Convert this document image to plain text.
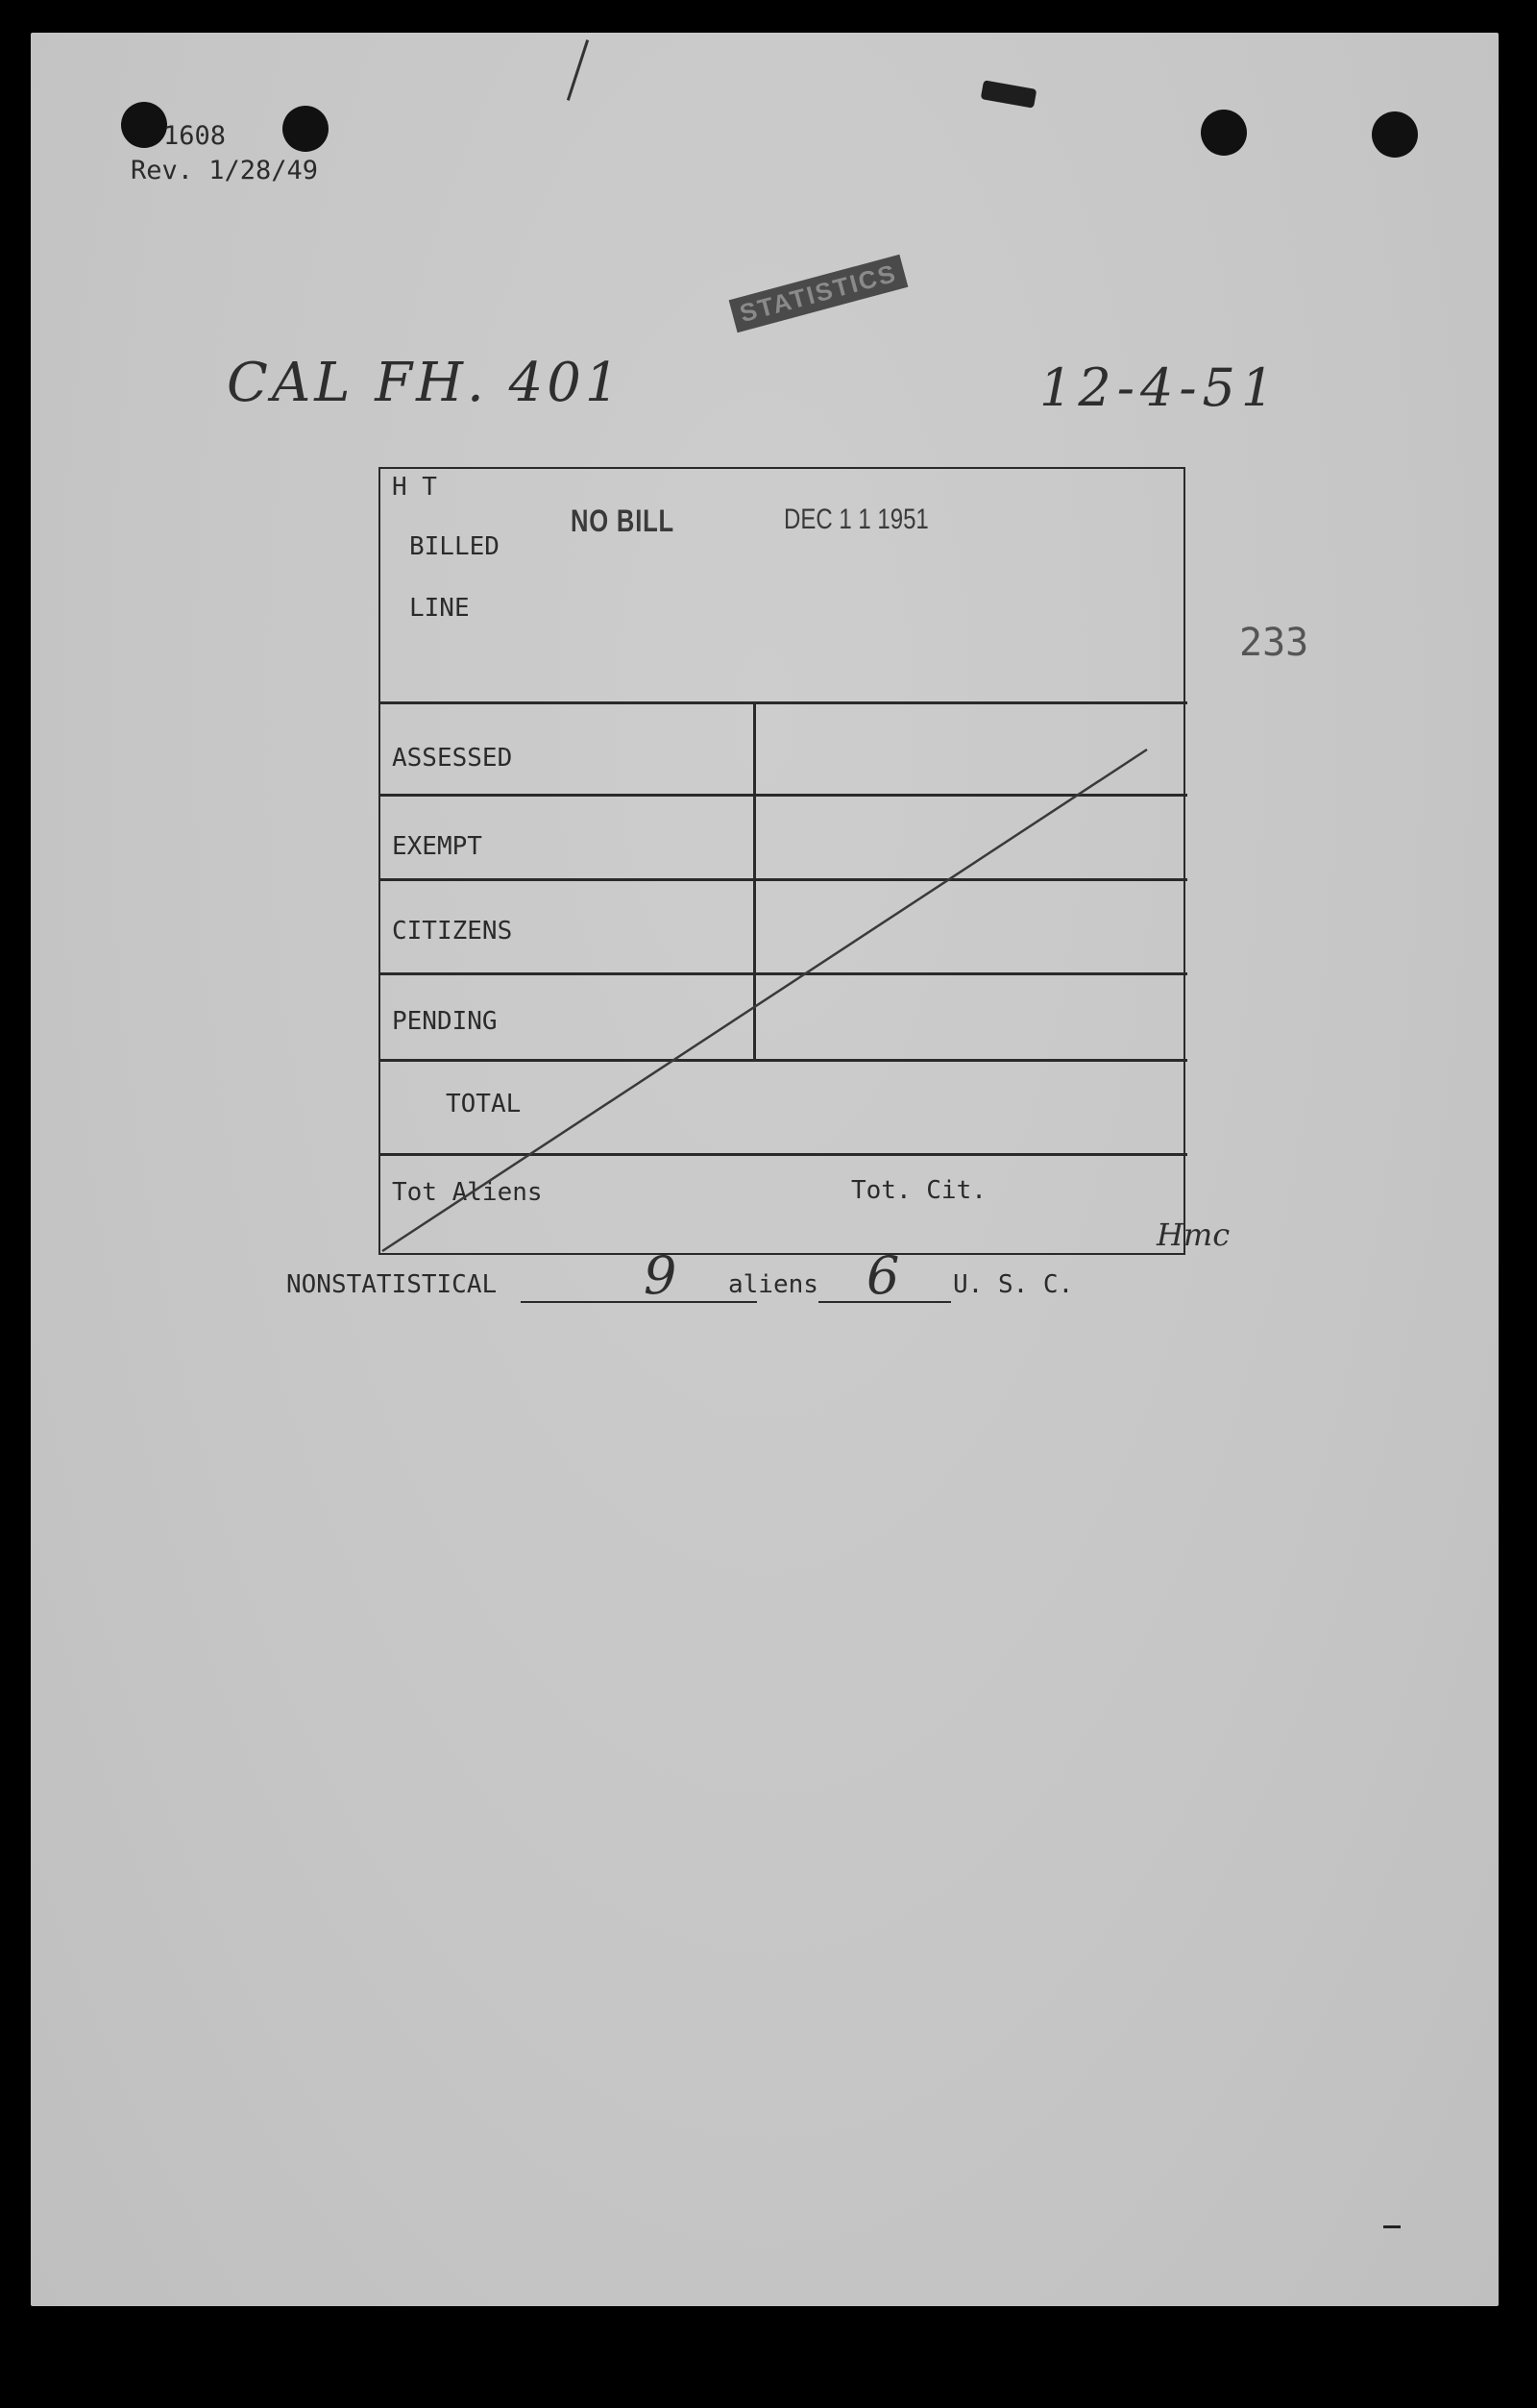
1608
Rev. 1/28/49
STATISTICS
CAL FH. 401	12-4-51
233
H T
BILLED
LINE
NO BILL	DEC 1 1 1951
ASSESSED
EXEMPT
CITIZENS
PENDING
TOTAL
Tot Aliens	Tot. Cit.
Hmc
NONSTATISTICAL	9 aliens 6 U. S. C.
